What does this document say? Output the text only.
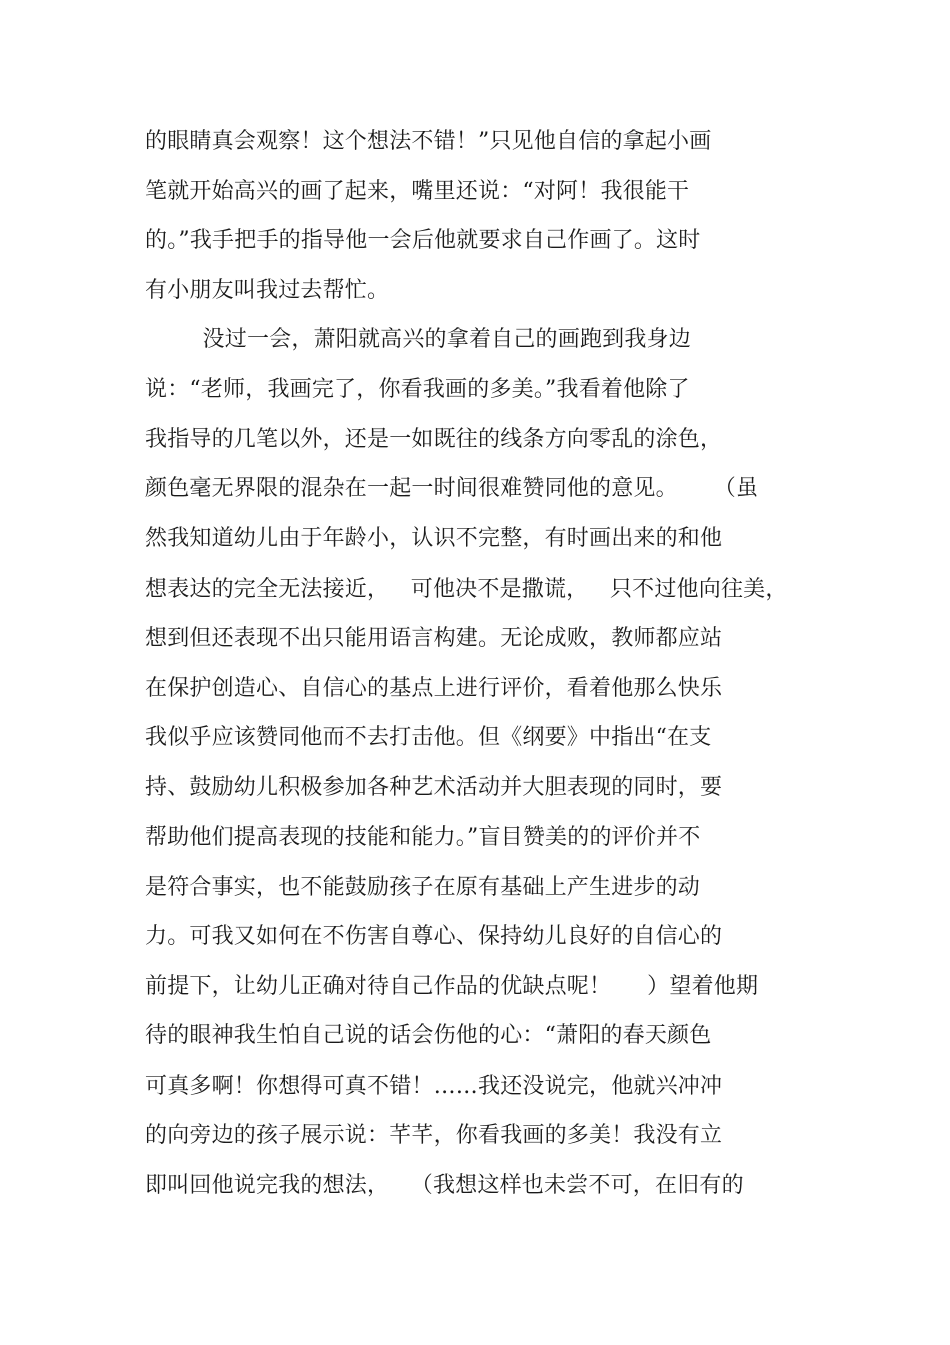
的眼睛真会观察！这个想法不错！”只见他自信的拿起小画
笔就开始高兴的画了起来，嘴里还说：“对阿！我很能干
的。”我手把手的指导他一会后他就要求自己作画了。这时
有小朋友叫我过去帮忙。
没过一会，萧阳就高兴的拿着自己的画跑到我身边
说：“老师，我画完了，你看我画的多美。”我看着他除了
我指导的几笔以外，还是一如既往的线条方向零乱的涂色，
颜色毫无界限的混杂在一起一时间很难赞同他的意见。     （虽
然我知道幼儿由于年龄小，认识不完整，有时画出来的和他
想表达的完全无法接近，   可他决不是撒谎，   只不过他向往美，
想到但还表现不出只能用语言构建。无论成败，教师都应站
在保护创造心、自信心的基点上进行评价，看着他那么快乐
我似乎应该赞同他而不去打击他。但《纲要》中指出“在支
持、鼓励幼儿积极参加各种艺术活动并大胆表现的同时，要
帮助他们提高表现的技能和能力。”盲目赞美的的评价并不
是符合事实，也不能鼓励孩子在原有基础上产生进步的动
力。可我又如何在不伤害自尊心、保持幼儿良好的自信心的
前提下，让幼儿正确对待自己作品的优缺点呢！     ）望着他期
待的眼神我生怕自己说的话会伤他的心：“萧阳的春天颜色
可真多啊！你想得可真不错！……我还没说完，他就兴冲冲
的向旁边的孩子展示说：芊芊，你看我画的多美！我没有立
即叫回他说完我的想法，   （我想这样也未尝不可，在旧有的
